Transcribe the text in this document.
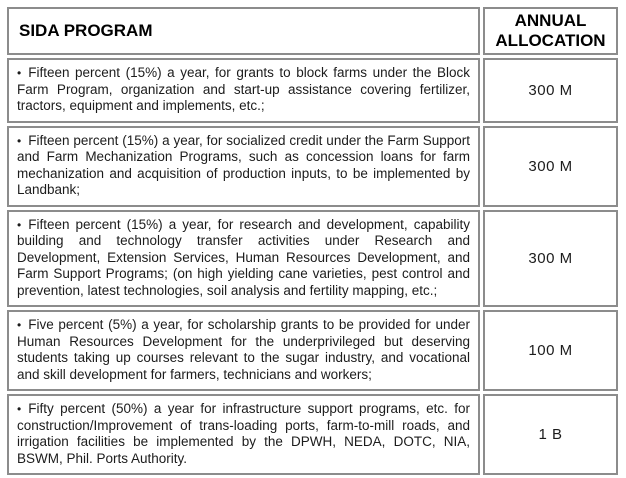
SIDA PROGRAM	ANNUAL ALLOCATION
• Fifteen percent (15%) a year, for grants to block farms under the Block Farm Program, organization and start-up assistance covering fertilizer, tractors, equipment and implements, etc.;	300 M
• Fifteen percent (15%) a year, for socialized credit under the Farm Support and Farm Mechanization Programs, such as concession loans for farm mechanization and acquisition of production inputs, to be implemented by Landbank;	300 M
• Fifteen percent (15%) a year, for research and development, capability building and technology transfer activities under Research and Development, Extension Services, Human Resources Development, and Farm Support Programs; (on high yielding cane varieties, pest control and prevention, latest technologies, soil analysis and fertility mapping, etc.;	300 M
• Five percent (5%) a year, for scholarship grants to be provided for under Human Resources Development for the underprivileged but deserving students taking up courses relevant to the sugar industry, and vocational and skill development for farmers, technicians and workers;	100 M
• Fifty percent (50%) a year for infrastructure support programs, etc. for construction/Improvement of trans-loading ports, farm-to-mill roads, and irrigation facilities be implemented by the DPWH, NEDA, DOTC, NIA, BSWM, Phil. Ports Authority.	1 B
